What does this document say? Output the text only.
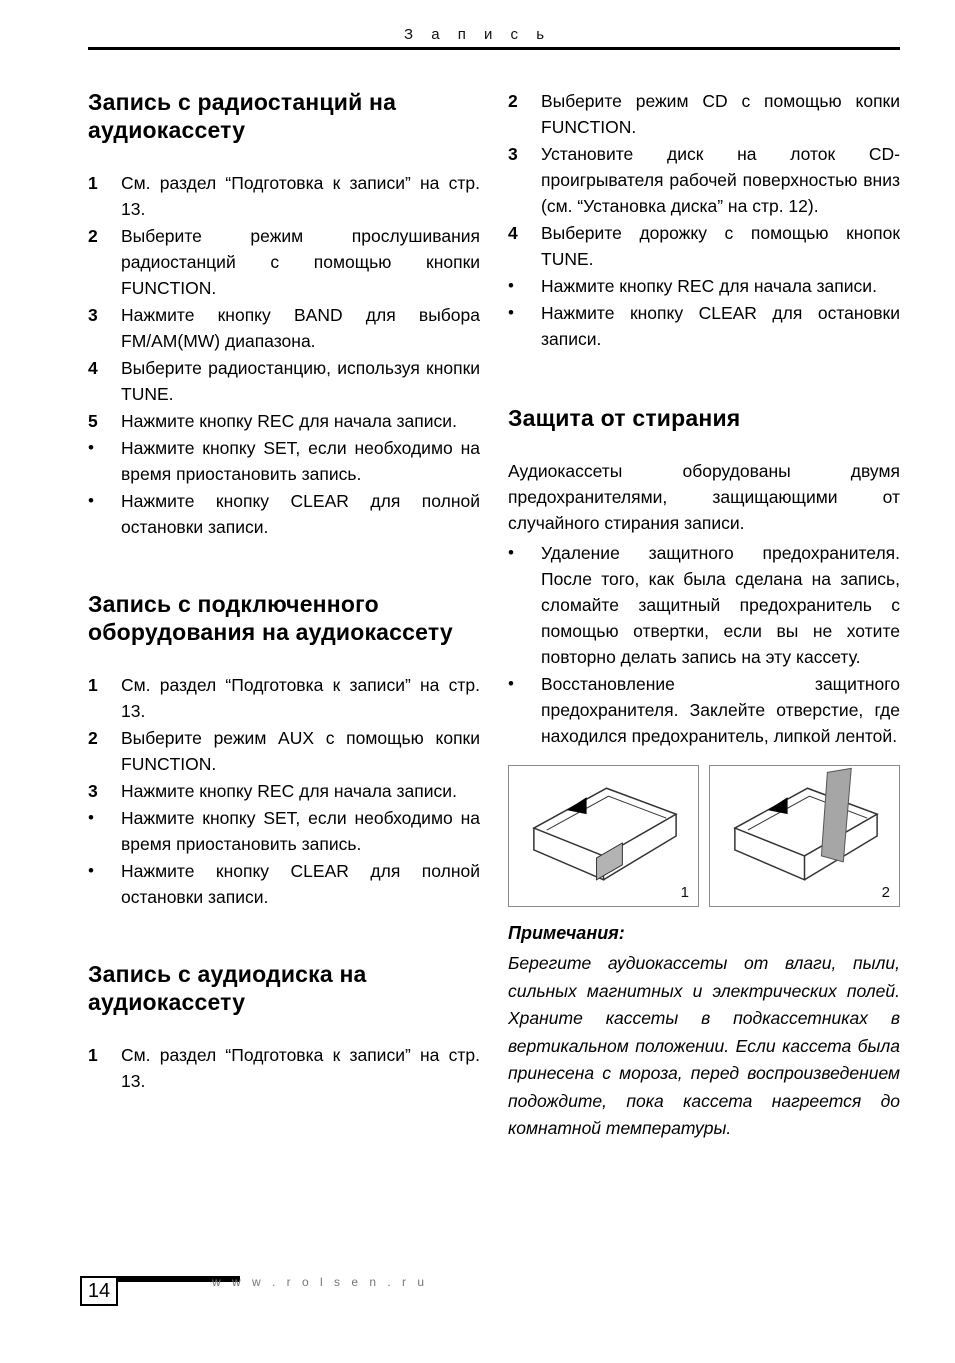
З а п и с ь
Запись с радиостанций на аудиокассету
1	См. раздел “Подготовка к записи” на стр. 13.
2	Выберите режим прослушивания радиостанций с помощью кнопки FUNCTION.
3	Нажмите кнопку BAND для выбора FM/AM(MW) диапазона.
4	Выберите радиостанцию, используя кнопки TUNE.
5	Нажмите кнопку REC для начала записи.
•	Нажмите кнопку SET, если необходимо на время приостановить запись.
•	Нажмите кнопку CLEAR для полной остановки записи.
Запись с подключенного оборудования на аудиокассету
1	См. раздел “Подготовка к записи” на стр. 13.
2	Выберите режим AUX с помощью копки FUNCTION.
3	Нажмите кнопку REC для начала записи.
•	Нажмите кнопку SET, если необходимо на время приостановить запись.
•	Нажмите кнопку CLEAR для полной остановки записи.
Запись с аудиодиска на аудиокассету
1	См. раздел “Подготовка к записи” на стр. 13.
2	Выберите режим CD с помощью копки FUNCTION.
3	Установите диск на лоток CD-проигрывателя рабочей поверхностью вниз (см. “Установка диска” на стр. 12).
4	Выберите дорожку с помощью кнопок TUNE.
•	Нажмите кнопку REC для начала записи.
•	Нажмите кнопку CLEAR для остановки записи.
Защита от стирания

Аудиокассеты оборудованы двумя предохранителями, защищающими от случайного стирания записи.

•	Удаление защитного предохранителя. После того, как была сделана на запись, сломайте защитный предохранитель с помощью отвертки, если вы не хотите повторно делать запись на эту кассету.
•	Восстановление защитного предохранителя. Заклейте отверстие, где находился предохранитель, липкой лентой.
1	2
Примечания:
Берегите аудиокассеты от влаги, пыли, сильных магнитных и электрических полей. Храните кассеты в подкассетниках в вертикальном положении. Если кассета была принесена с мороза, перед воспроизведением подождите, пока кассета нагреется до комнатной температуры.
14	w w w . r o l s e n . r u
